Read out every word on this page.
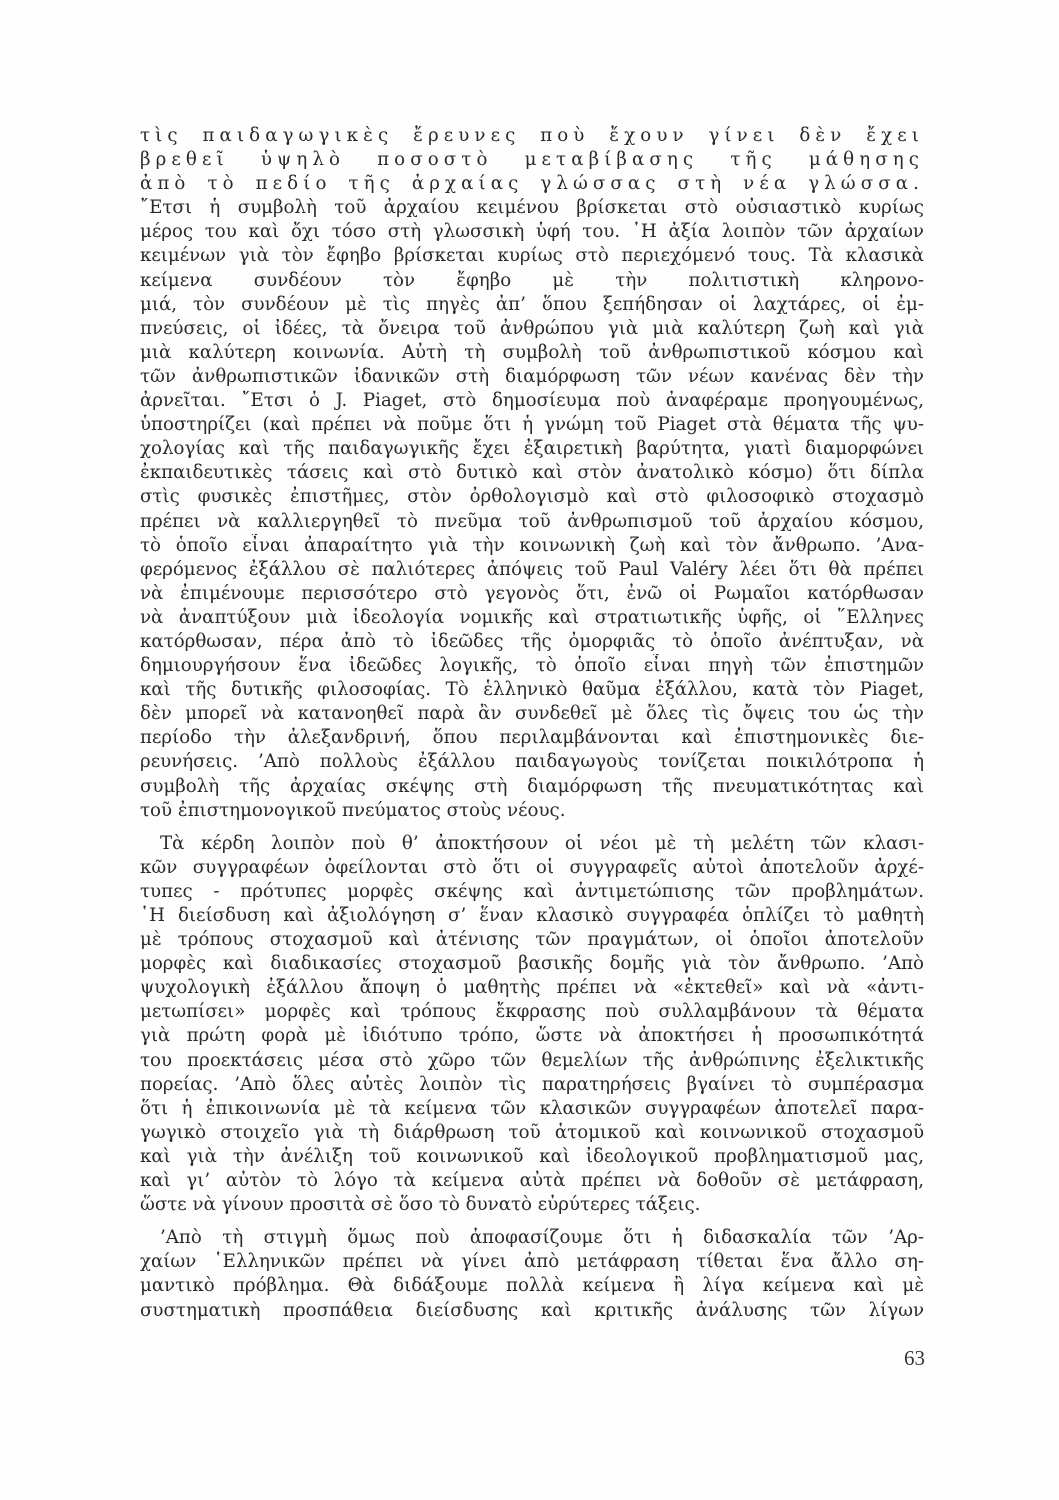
τὶς παιδαγωγικὲς ἔρευνες ποὺ ἔχουν γίνει δὲν ἔχει
βρεθεῖ ὑψηλὸ ποσοστὸ μεταβίβασης τῆς μάθησης
ἀπὸ τὸ πεδίο τῆς ἀρχαίας γλώσσας στὴ νέα γλώσσα.
῎Ετσι ἡ συμβολὴ τοῦ ἀρχαίου κειμένου βρίσκεται στὸ οὐσιαστικὸ κυρίως
μέρος του καὶ ὄχι τόσο στὴ γλωσσικὴ ὑφή του. ῾Η ἀξία λοιπὸν τῶν ἀρχαίων
κειμένων γιὰ τὸν ἔφηβο βρίσκεται κυρίως στὸ περιεχόμενό τους. Τὰ κλασικὰ
κείμενα συνδέουν τὸν ἔφηβο μὲ τὴν πολιτιστικὴ κληρονο-
μιά, τὸν συνδέουν μὲ τὶς πηγὲς ἀπ’ ὅπου ξεπήδησαν οἱ λαχτάρες, οἱ ἐμ-
πνεύσεις, οἱ ἰδέες, τὰ ὄνειρα τοῦ ἀνθρώπου γιὰ μιὰ καλύτερη ζωὴ καὶ γιὰ
μιὰ καλύτερη κοινωνία. Αὐτὴ τὴ συμβολὴ τοῦ ἀνθρωπιστικοῦ κόσμου καὶ
τῶν ἀνθρωπιστικῶν ἰδανικῶν στὴ διαμόρφωση τῶν νέων κανένας δὲν τὴν
ἀρνεῖται. ῎Ετσι ὁ J. Piaget, στὸ δημοσίευμα ποὺ ἀναφέραμε προηγουμένως,
ὑποστηρίζει (καὶ πρέπει νὰ ποῦμε ὅτι ἡ γνώμη τοῦ Piaget στὰ θέματα τῆς ψυ-
χολογίας καὶ τῆς παιδαγωγικῆς ἔχει ἐξαιρετικὴ βαρύτητα, γιατὶ διαμορφώνει
ἐκπαιδευτικὲς τάσεις καὶ στὸ δυτικὸ καὶ στὸν ἀνατολικὸ κόσμο) ὅτι δίπλα
στὶς φυσικὲς ἐπιστῆμες, στὸν ὀρθολογισμὸ καὶ στὸ φιλοσοφικὸ στοχασμὸ
πρέπει νὰ καλλιεργηθεῖ τὸ πνεῦμα τοῦ ἀνθρωπισμοῦ τοῦ ἀρχαίου κόσμου,
τὸ ὁποῖο εἶναι ἀπαραίτητο γιὰ τὴν κοινωνικὴ ζωὴ καὶ τὸν ἄνθρωπο. ’Ανα-
φερόμενος ἐξάλλου σὲ παλιότερες ἀπόψεις τοῦ Paul Valéry λέει ὅτι θὰ πρέπει
νὰ ἐπιμένουμε περισσότερο στὸ γεγονὸς ὅτι, ἐνῶ οἱ Ρωμαῖοι κατόρθωσαν
νὰ ἀναπτύξουν μιὰ ἰδεολογία νομικῆς καὶ στρατιωτικῆς ὑφῆς, οἱ ῞Ελληνες
κατόρθωσαν, πέρα ἀπὸ τὸ ἰδεῶδες τῆς ὀμορφιᾶς τὸ ὁποῖο ἀνέπτυξαν, νὰ
δημιουργήσουν ἕνα ἰδεῶδες λογικῆς, τὸ ὁποῖο εἶναι πηγὴ τῶν ἐπιστημῶν
καὶ τῆς δυτικῆς φιλοσοφίας. Τὸ ἑλληνικὸ θαῦμα ἐξάλλου, κατὰ τὸν Piaget,
δὲν μπορεῖ νὰ κατανοηθεῖ παρὰ ἂν συνδεθεῖ μὲ ὅλες τὶς ὄψεις του ὡς τὴν
περίοδο τὴν ἀλεξανδρινή, ὅπου περιλαμβάνονται καὶ ἐπιστημονικὲς διε-
ρευνήσεις. ’Απὸ πολλοὺς ἐξάλλου παιδαγωγοὺς τονίζεται ποικιλότροπα ἡ
συμβολὴ τῆς ἀρχαίας σκέψης στὴ διαμόρφωση τῆς πνευματικότητας καὶ
τοῦ ἐπιστημονογικοῦ πνεύματος στοὺς νέους.
Τὰ κέρδη λοιπὸν ποὺ θ’ ἀποκτήσουν οἱ νέοι μὲ τὴ μελέτη τῶν κλασι-
κῶν συγγραφέων ὀφείλονται στὸ ὅτι οἱ συγγραφεῖς αὐτοὶ ἀποτελοῦν ἀρχέ-
τυπες - πρότυπες μορφὲς σκέψης καὶ ἀντιμετώπισης τῶν προβλημάτων.
῾Η διείσδυση καὶ ἀξιολόγηση σ’ ἕναν κλασικὸ συγγραφέα ὁπλίζει τὸ μαθητὴ
μὲ τρόπους στοχασμοῦ καὶ ἀτένισης τῶν πραγμάτων, οἱ ὁποῖοι ἀποτελοῦν
μορφὲς καὶ διαδικασίες στοχασμοῦ βασικῆς δομῆς γιὰ τὸν ἄνθρωπο. ’Απὸ
ψυχολογικὴ ἐξάλλου ἄποψη ὁ μαθητὴς πρέπει νὰ «ἐκτεθεῖ» καὶ νὰ «ἀντι-
μετωπίσει» μορφὲς καὶ τρόπους ἔκφρασης ποὺ συλλαμβάνουν τὰ θέματα
γιὰ πρώτη φορὰ μὲ ἰδιότυπο τρόπο, ὥστε νὰ ἀποκτήσει ἡ προσωπικότητά
του προεκτάσεις μέσα στὸ χῶρο τῶν θεμελίων τῆς ἀνθρώπινης ἐξελικτικῆς
πορείας. ’Απὸ ὅλες αὐτὲς λοιπὸν τὶς παρατηρήσεις βγαίνει τὸ συμπέρασμα
ὅτι ἡ ἐπικοινωνία μὲ τὰ κείμενα τῶν κλασικῶν συγγραφέων ἀποτελεῖ παρα-
γωγικὸ στοιχεῖο γιὰ τὴ διάρθρωση τοῦ ἀτομικοῦ καὶ κοινωνικοῦ στοχασμοῦ
καὶ γιὰ τὴν ἀνέλιξη τοῦ κοινωνικοῦ καὶ ἰδεολογικοῦ προβληματισμοῦ μας,
καὶ γι’ αὐτὸν τὸ λόγο τὰ κείμενα αὐτὰ πρέπει νὰ δοθοῦν σὲ μετάφραση,
ὥστε νὰ γίνουν προσιτὰ σὲ ὅσο τὸ δυνατὸ εὐρύτερες τάξεις.
’Απὸ τὴ στιγμὴ ὅμως ποὺ ἀποφασίζουμε ὅτι ἡ διδασκαλία τῶν ’Αρ-
χαίων ῾Ελληνικῶν πρέπει νὰ γίνει ἀπὸ μετάφραση τίθεται ἕνα ἄλλο ση-
μαντικὸ πρόβλημα. Θὰ διδάξουμε πολλὰ κείμενα ἢ λίγα κείμενα καὶ μὲ
συστηματικὴ προσπάθεια διείσδυσης καὶ κριτικῆς ἀνάλυσης τῶν λίγων
63
